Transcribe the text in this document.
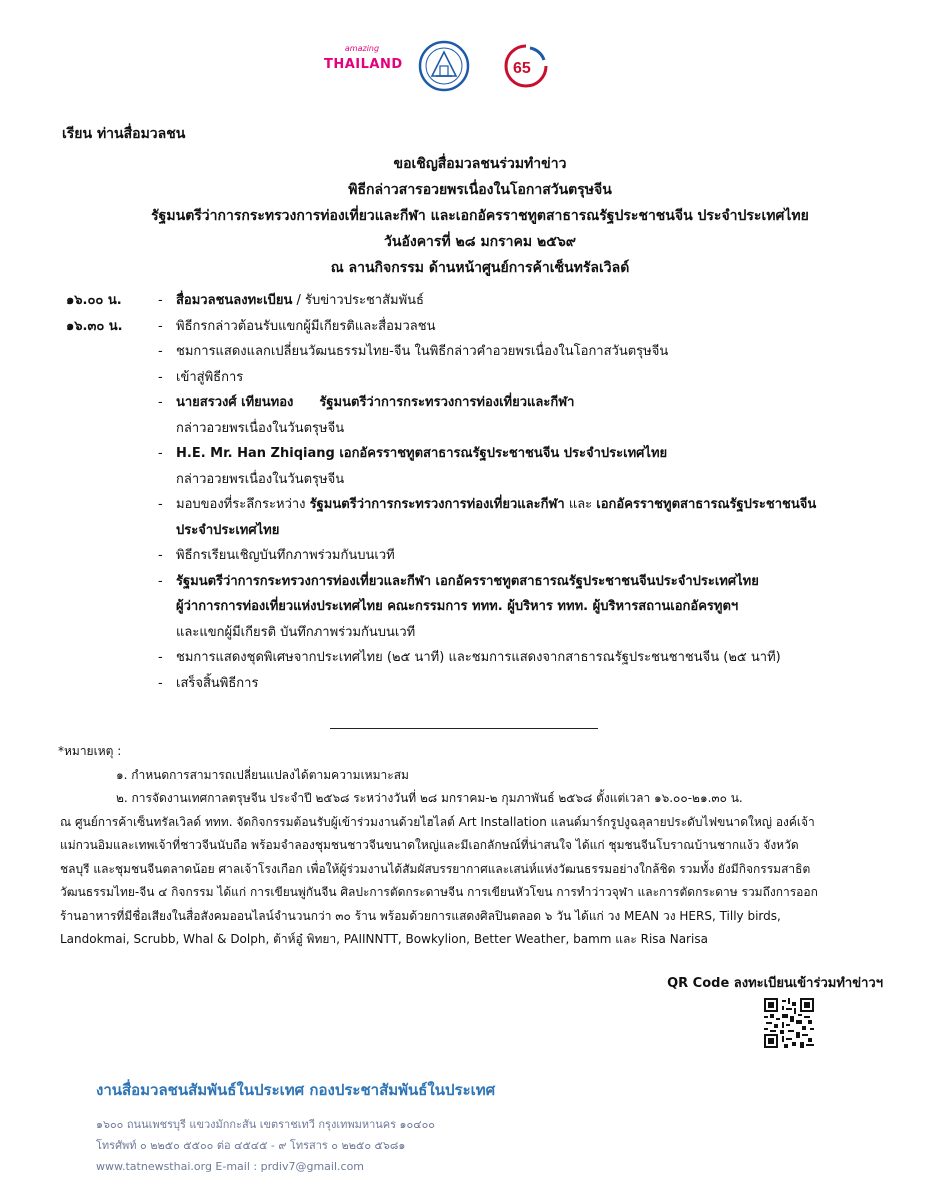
amazing
THAILAND	65
เรียน ท่านสื่อมวลชน
ขอเชิญสื่อมวลชนร่วมทำข่าว
พิธีกล่าวสารอวยพรเนื่องในโอกาสวันตรุษจีน
รัฐมนตรีว่าการกระทรวงการท่องเที่ยวและกีฬา และเอกอัครราชทูตสาธารณรัฐประชาชนจีน ประจำประเทศไทย
วันอังคารที่ ๒๘ มกราคม ๒๕๖๙
ณ ลานกิจกรรม ด้านหน้าศูนย์การค้าเซ็นทรัลเวิลด์
๑๖.๐๐ น.	- สื่อมวลชนลงทะเบียน / รับข่าวประชาสัมพันธ์
๑๖.๓๐ น.	- พิธีกรกล่าวต้อนรับแขกผู้มีเกียรติและสื่อมวลชน
- ชมการแสดงแลกเปลี่ยนวัฒนธรรมไทย-จีน ในพิธีกล่าวคำอวยพรเนื่องในโอกาสวันตรุษจีน
- เข้าสู่พิธีการ
- นายสรวงศ์ เทียนทอง รัฐมนตรีว่าการกระทรวงการท่องเที่ยวและกีฬา
กล่าวอวยพรเนื่องในวันตรุษจีน
- H.E. Mr. Han Zhiqiang เอกอัครราชทูตสาธารณรัฐประชาชนจีน ประจำประเทศไทย
กล่าวอวยพรเนื่องในวันตรุษจีน
- มอบของที่ระลึกระหว่าง รัฐมนตรีว่าการกระทรวงการท่องเที่ยวและกีฬา และ เอกอัครราชทูตสาธารณรัฐประชาชนจีน
ประจำประเทศไทย
- พิธีกรเรียนเชิญบันทึกภาพร่วมกันบนเวที
- รัฐมนตรีว่าการกระทรวงการท่องเที่ยวและกีฬา เอกอัครราชทูตสาธารณรัฐประชาชนจีนประจำประเทศไทย
ผู้ว่าการการท่องเที่ยวแห่งประเทศไทย คณะกรรมการ ททท. ผู้บริหาร ททท. ผู้บริหารสถานเอกอัครทูตฯ
และแขกผู้มีเกียรติ บันทึกภาพร่วมกันบนเวที
- ชมการแสดงชุดพิเศษจากประเทศไทย (๒๕ นาที) และชมการแสดงจากสาธารณรัฐประชนชาชนจีน (๒๕ นาที)
- เสร็จสิ้นพิธีการ
*หมายเหตุ :
๑. กำหนดการสามารถเปลี่ยนแปลงได้ตามความเหมาะสม
๒. การจัดงานเทศกาลตรุษจีน ประจำปี ๒๕๖๘ ระหว่างวันที่ ๒๘ มกราคม-๒ กุมภาพันธ์ ๒๕๖๘ ตั้งแต่เวลา ๑๖.๐๐-๒๑.๓๐ น.
ณ ศูนย์การค้าเซ็นทรัลเวิลด์ ททท. จัดกิจกรรมต้อนรับผู้เข้าร่วมงานด้วยไฮไลต์ Art Installation แลนด์มาร์กรูปงูฉลุลายประดับไฟขนาดใหญ่ องค์เจ้า
แม่กวนอิมและเทพเจ้าที่ชาวจีนนับถือ พร้อมจำลองชุมชนชาวจีนขนาดใหญ่และมีเอกลักษณ์ที่น่าสนใจ ได้แก่ ชุมชนจีนโบราณบ้านชากแง้ว จังหวัด
ชลบุรี และชุมชนจีนตลาดน้อย ศาลเจ้าโรงเกือก เพื่อให้ผู้ร่วมงานได้สัมผัสบรรยากาศและเสน่ห์แห่งวัฒนธรรมอย่างใกล้ชิด รวมทั้ง ยังมีกิจกรรมสาธิต
วัฒนธรรมไทย-จีน ๔ กิจกรรม ได้แก่ การเขียนพู่กันจีน ศิลปะการตัดกระดาษจีน การเขียนหัวโขน การทำว่าวจุฬา และการตัดกระดาษ รวมถึงการออก
ร้านอาหารที่มีชื่อเสียงในสื่อสังคมออนไลน์จำนวนกว่า ๓๐ ร้าน พร้อมด้วยการแสดงศิลปินตลอด ๖ วัน ได้แก่ วง MEAN วง HERS, Tilly birds,
Landokmai, Scrubb, Whal & Dolph, ต้าห์อู๋ พิทยา, PAIINNTT, Bowkylion, Better Weather, bamm และ Risa Narisa
QR Code ลงทะเบียนเข้าร่วมทำข่าวฯ
งานสื่อมวลชนสัมพันธ์ในประเทศ กองประชาสัมพันธ์ในประเทศ
๑๖๐๐ ถนนเพชรบุรี แขวงมักกะสัน เขตราชเทวี กรุงเทพมหานคร ๑๐๔๐๐
โทรศัพท์ ๐ ๒๒๕๐ ๕๕๐๐ ต่อ ๔๕๔๕ - ๙ โทรสาร ๐ ๒๒๕๐ ๕๖๘๑
www.tatnewsthai.org E-mail : prdiv7@gmail.com
